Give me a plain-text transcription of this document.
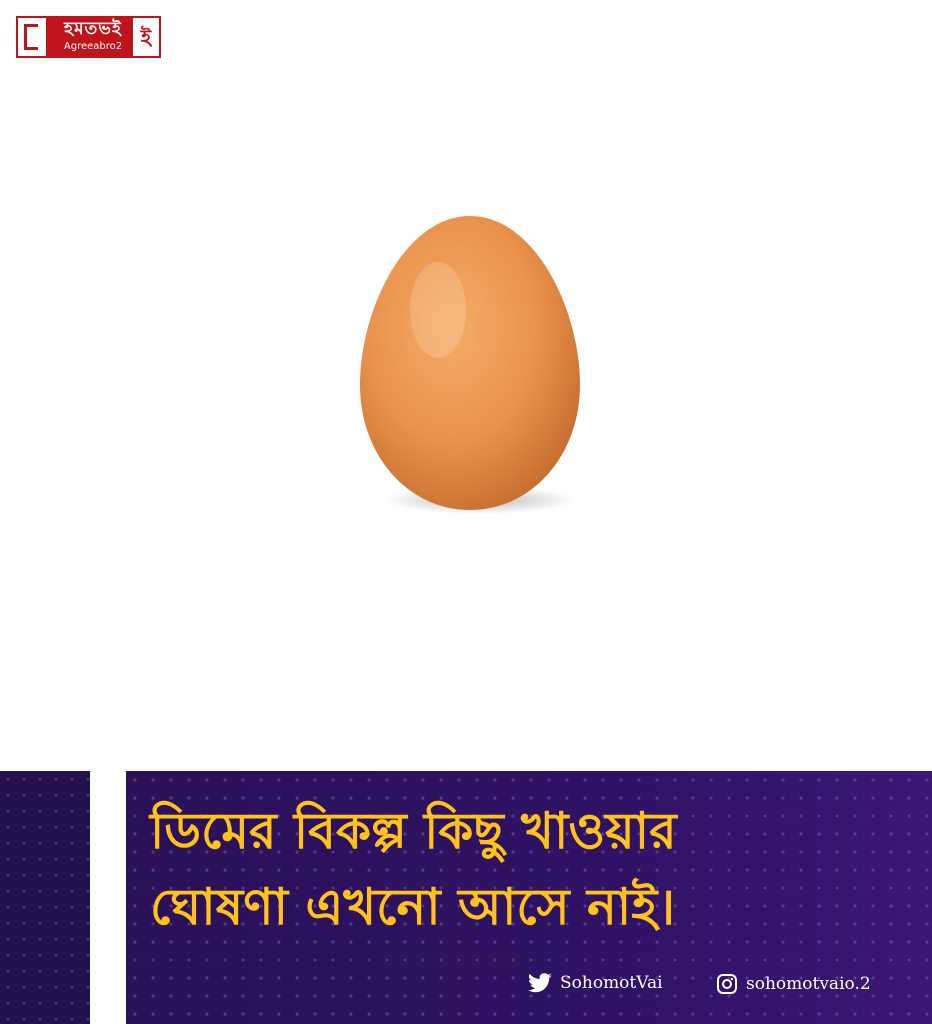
হমতভই
Agreeabro2 ই
ডিমের বিকল্প কিছু খাওয়ার
ঘোষণা এখনো আসে নাই।
SohomotVai	sohomotvaio.2
